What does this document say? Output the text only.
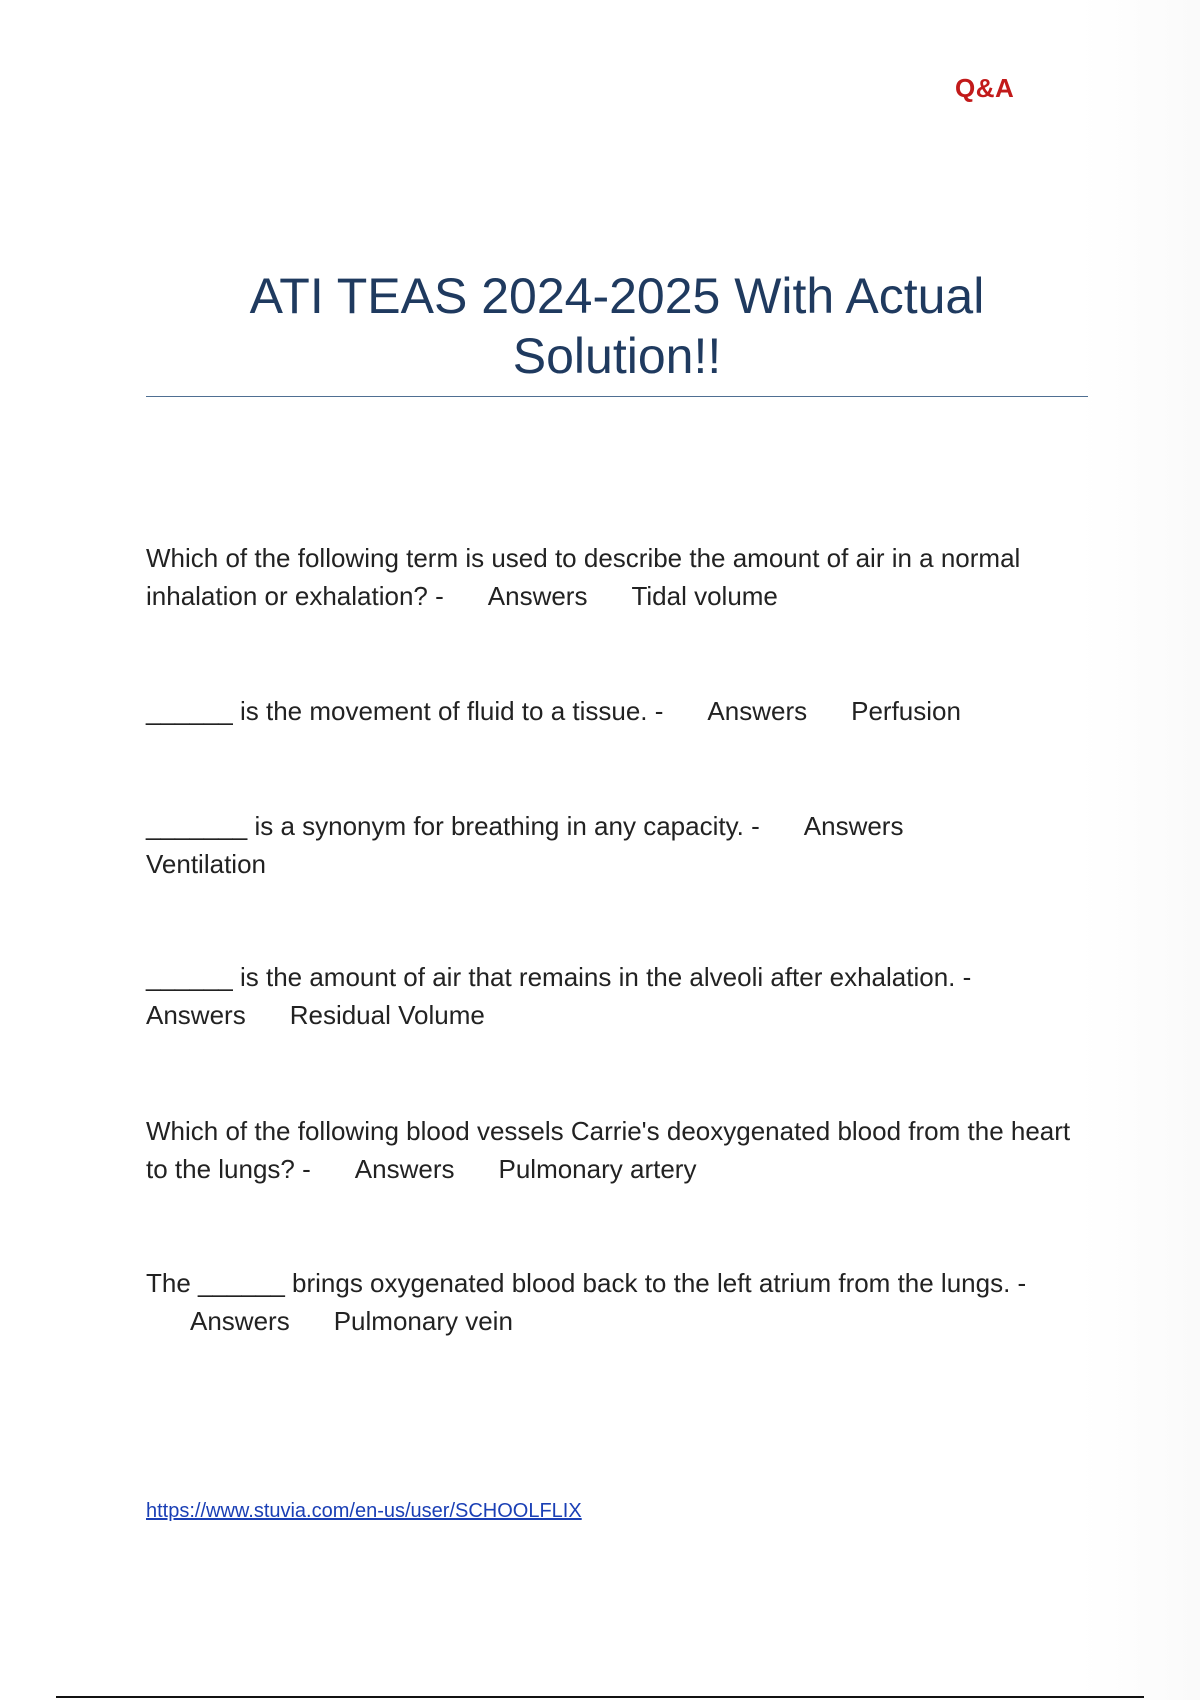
Q&A
ATI TEAS 2024-2025 With Actual Solution!!
Which of the following term is used to describe the amount of air in a normal inhalation or exhalation? - Answers Tidal volume
______ is the movement of fluid to a tissue. - Answers Perfusion
_______ is a synonym for breathing in any capacity. - Answers
Ventilation
______ is the amount of air that remains in the alveoli after exhalation. -
Answers Residual Volume
Which of the following blood vessels Carrie's deoxygenated blood from the heart to the lungs? - Answers Pulmonary artery
The ______ brings oxygenated blood back to the left atrium from the lungs. -Answers Pulmonary vein
https://www.stuvia.com/en-us/user/SCHOOLFLIX
